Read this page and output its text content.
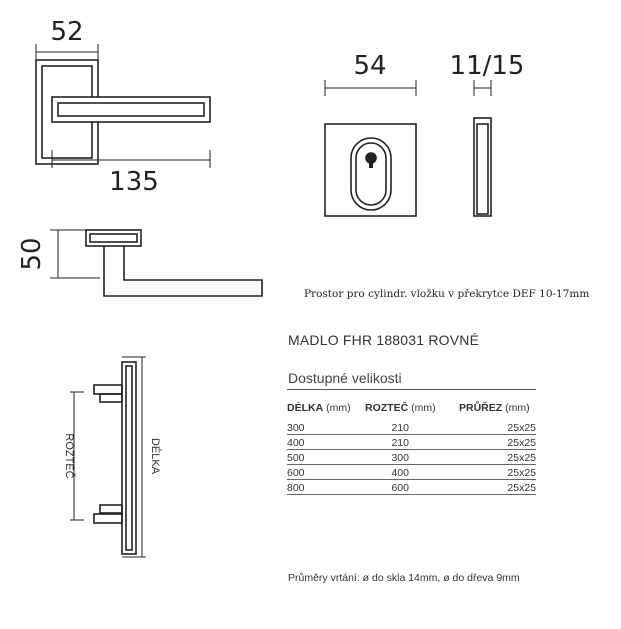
52
135
50
54 11/15
ROZTEČ	DÉLKA
Prostor pro cylindr. vložku v překrytce DEF 10-17mm
MADLO FHR 188031 ROVNÉ
Dostupné velikosti
DÉLKA (mm)	ROZTEČ (mm)		PRŮŘEZ (mm)
300	210		25x25
400	210		25x25
500	300		25x25
600	400		25x25
800	600		25x25
Průměry vrtání: ø do skla 14mm, ø do dřeva 9mm
